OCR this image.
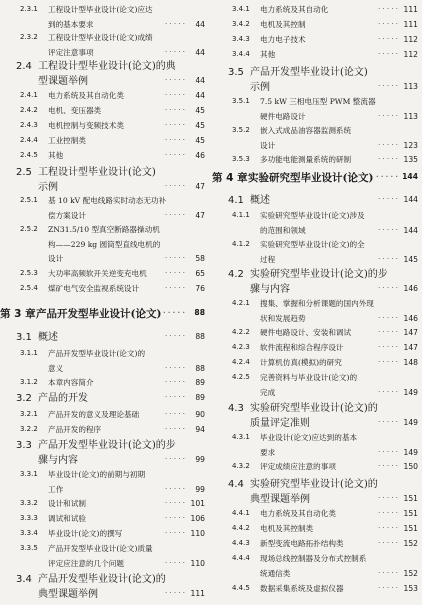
2.3.1 工程设计型毕业设计(论文)应达
到的基本要求	· · · · · 44
2.3.2 工程设计型毕业设计(论文)成绩
评定注意事项	· · · · · 44
2.4 工程设计型毕业设计(论文)的典
型课题举例	· · · · · 44
2.4.1 电力系统及其自动化类	· · · · · 44
2.4.2 电机、变压器类	· · · · · 45
2.4.3 电机控制与变频技术类	· · · · · 45
2.4.4 工业控制类	· · · · · 45
2.4.5 其他	· · · · · 46
2.5 工程设计型毕业设计(论文)
示例	· · · · · 47
2.5.1 基 10 kV 配电线路实时动态无功补
偿方案设计	· · · · · 47
2.5.2 ZN31.5/10 型真空断路器操动机
构——229 kg 圆筒型直线电机的
设计	· · · · · 58
2.5.3 大功率高频软开关逆变充电机	· · · · · 65
2.5.4 煤矿电气安全监视系统设计	· · · · · 76
第 3 章 产品开发型毕业设计(论文) · · · · · 88
3.1 概述	· · · · · 88
3.1.1 产品开发型毕业设计(论文)的
意义	· · · · · 88
3.1.2 本章内容简介	· · · · · 89
3.2 产品的开发	· · · · · 89
3.2.1 产品开发的意义及理论基础	· · · · · 90
3.2.2 产品开发的程序	· · · · · 94
3.3 产品开发型毕业设计(论文)的步
骤与内容	· · · · · 99
3.3.1 毕业设计(论文)的前期与初期
工作	· · · · · 99
3.3.2 设计和试制	· · · · · 101
3.3.3 调试和试验	· · · · · 106
3.3.4 毕业设计(论文)的撰写	· · · · · 110
3.3.5 产品开发型毕业设计(论文)质量
评定应注意的几个问题	· · · · · 110
3.4 产品开发型毕业设计(论文)的
典型课题举例	· · · · · 111
3.4.1 电力系统及其自动化	· · · · · 111
3.4.2 电机及其控制	· · · · · 111
3.4.3 电力电子技术	· · · · · 112
3.4.4 其他	· · · · · 112
3.5 产品开发型毕业设计(论文)
示例	· · · · · 113
3.5.1 7.5 kW 三相电压型 PWM 整流器
硬件电路设计	· · · · · 113
3.5.2 嵌入式成品油容器监测系统
设计	· · · · · 123
3.5.3 多功能电能测量系统的研制	· · · · · 135
第 4 章 实验研究型毕业设计(论文) · · · · · 144
4.1 概述	· · · · · 144
4.1.1 实验研究型毕业设计(论文)涉及
的范围和领域	· · · · · 144
4.1.2 实验研究型毕业设计(论文)的全
过程	· · · · · 145
4.2 实验研究型毕业设计(论文)的步
骤与内容	· · · · · 146
4.2.1 搜集、掌握和分析课题的国内外现
状和发展趋势	· · · · · 146
4.2.2 硬件电路设计、安装和调试	· · · · · 147
4.2.3 软件流程和综合程序设计	· · · · · 147
4.2.4 计算机仿真(模拟)的研究	· · · · · 148
4.2.5 完善资料与毕业设计(论文)的
完成	· · · · · 149
4.3 实验研究型毕业设计(论文)的
质量评定准则	· · · · · 149
4.3.1 毕业设计(论文)应达到的基本
要求	· · · · · 149
4.3.2 评定成绩应注意的事项	· · · · · 150
4.4 实验研究型毕业设计(论文)的
典型课题举例	· · · · · 151
4.4.1 电力系统及其自动化类	· · · · · 151
4.4.2 电机及其控制类	· · · · · 151
4.4.3 新型变流电路拓扑结构类	· · · · · 152
4.4.4 现场总线控制器及分布式控制系
统通信类	· · · · · 152
4.4.5 数据采集系统及虚拟仪器	· · · · · 153
